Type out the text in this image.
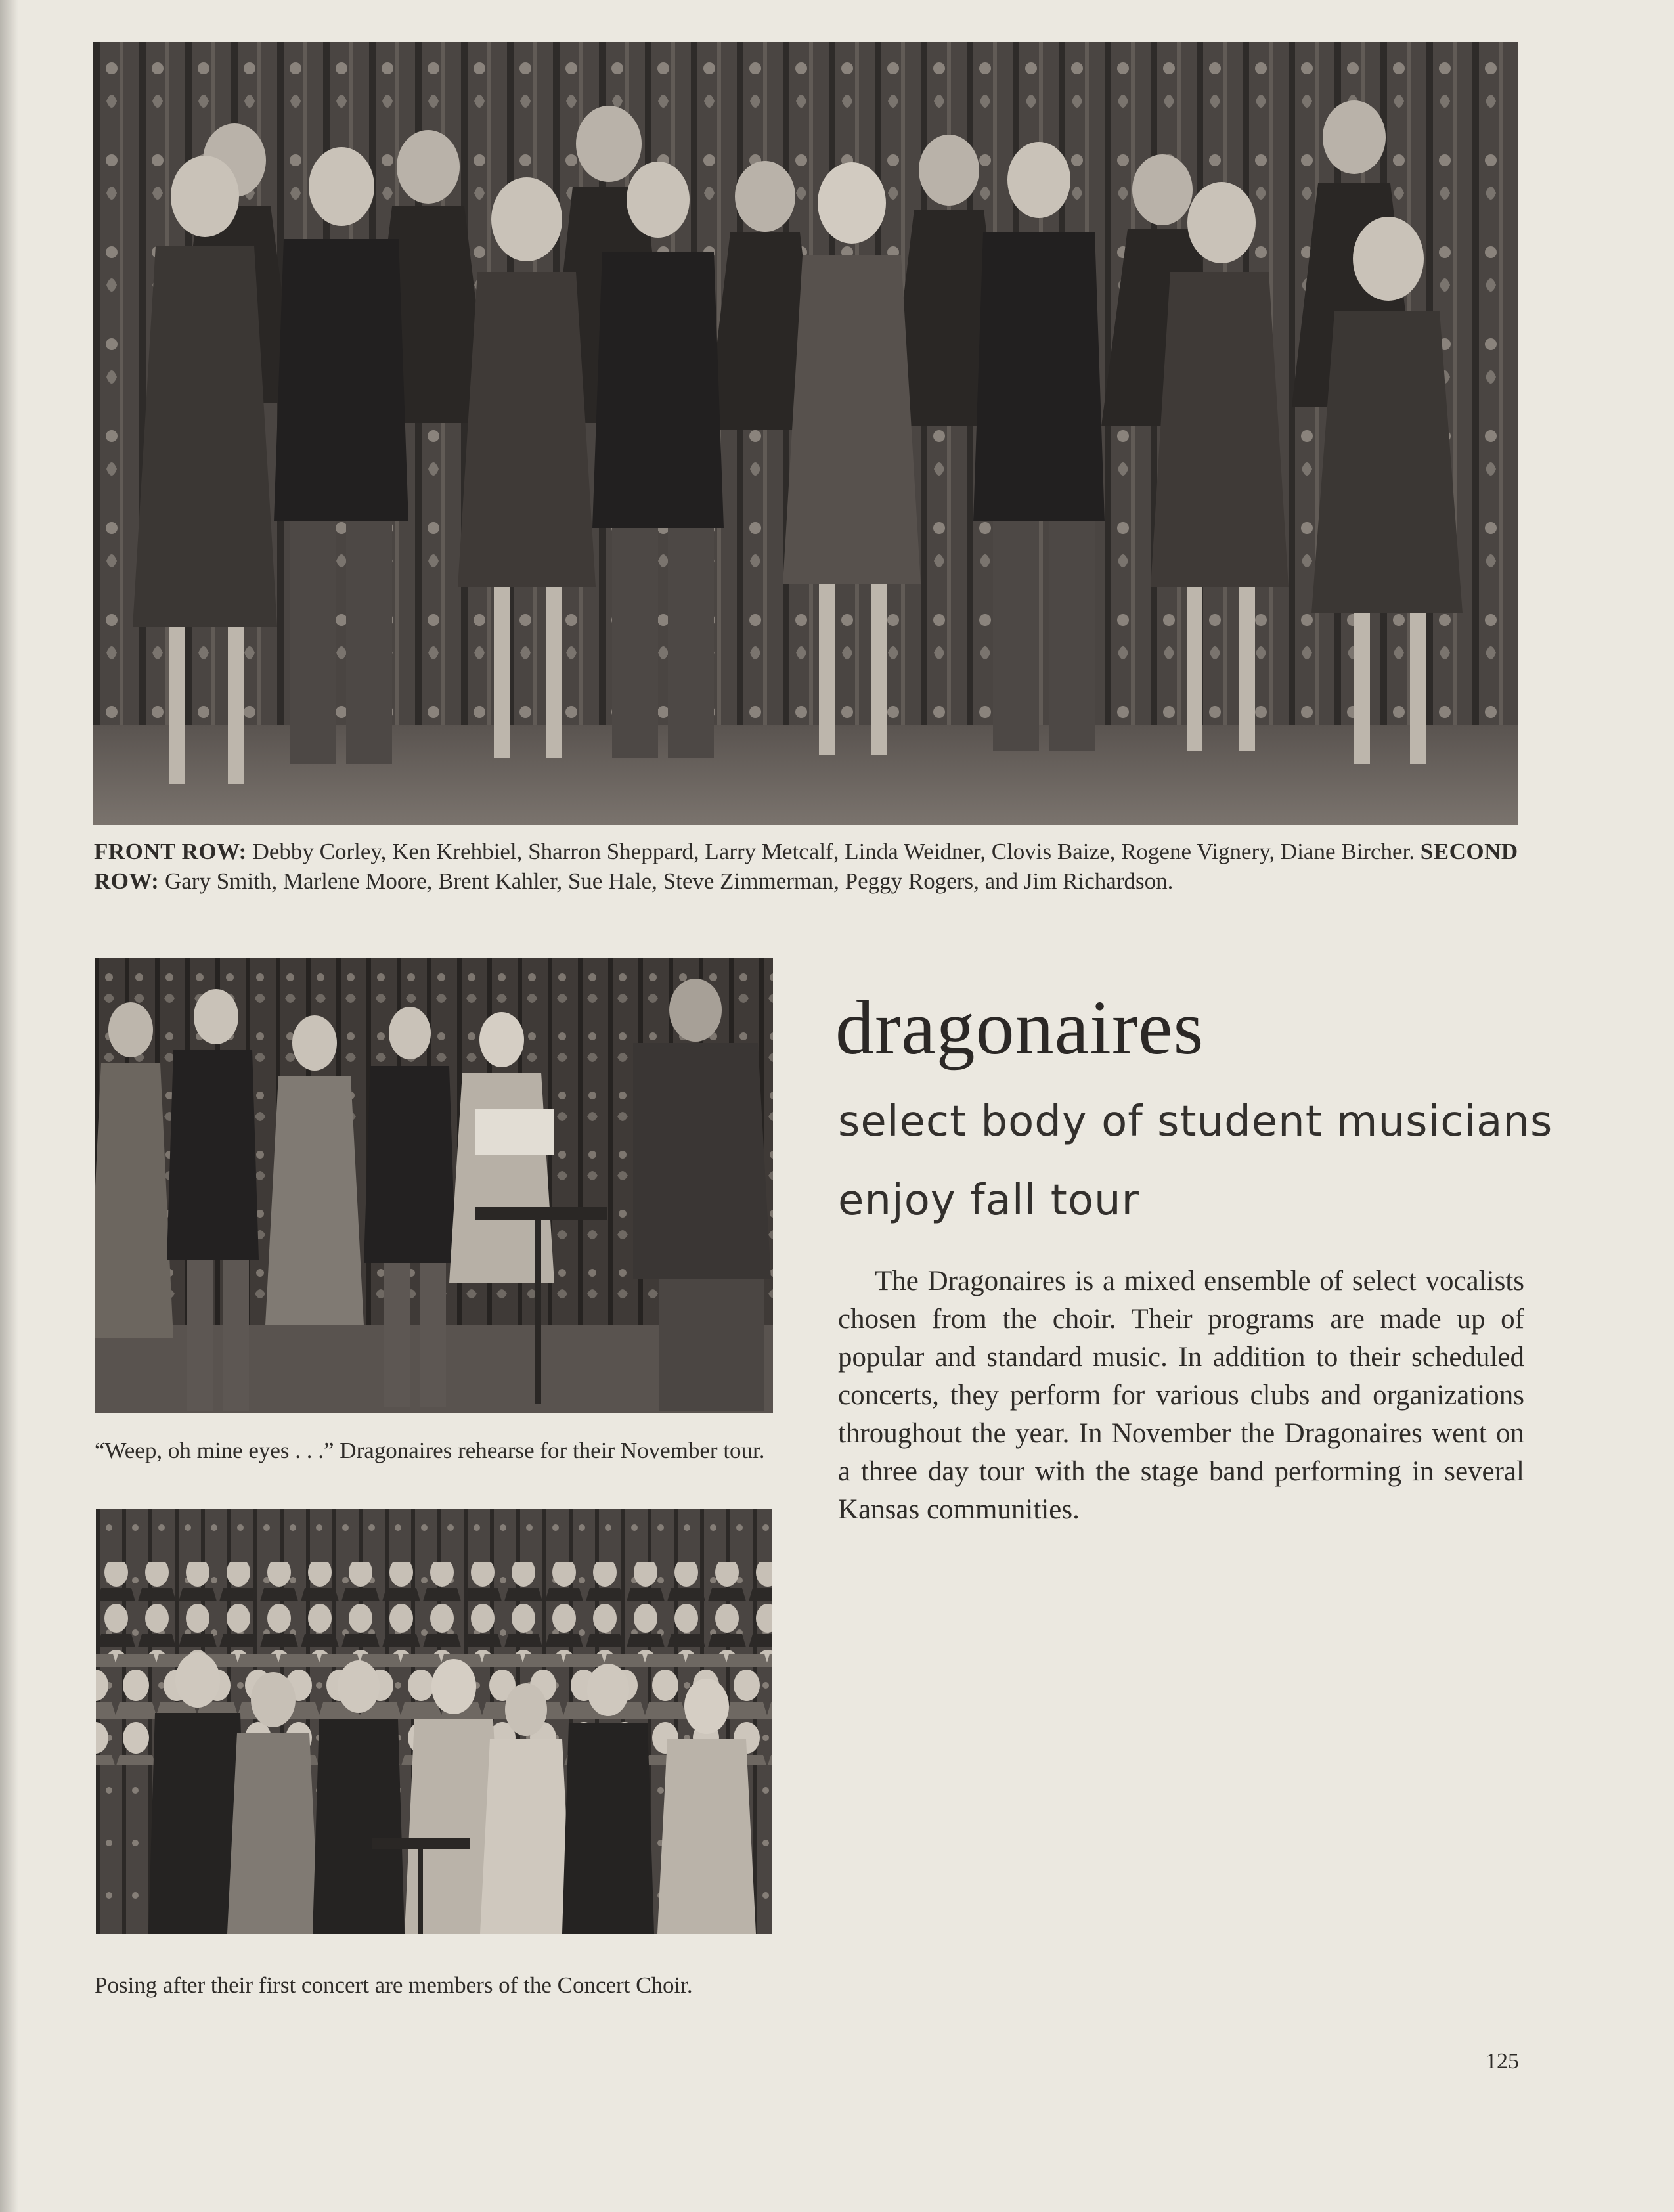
FRONT ROW: Debby Corley, Ken Krehbiel, Sharron Sheppard, Larry Metcalf, Linda Weidner, Clovis Baize, Rogene Vignery, Diane Bircher. SECOND ROW: Gary Smith, Marlene Moore, Brent Kahler, Sue Hale, Steve Zimmerman, Peggy Rogers, and Jim Richardson.
“Weep, oh mine eyes . . .” Dragonaires rehearse for their November tour.
Posing after their first concert are members of the Concert Choir.
dragonaires
select body of student musicians
enjoy fall tour

The Dragonaires is a mixed ensemble of select vocalists chosen from the choir. Their programs are made up of popular and standard music. In addition to their scheduled concerts, they perform for various clubs and organizations throughout the year. In November the Dragonaires went on a three day tour with the stage band performing in several Kansas communities.

125
